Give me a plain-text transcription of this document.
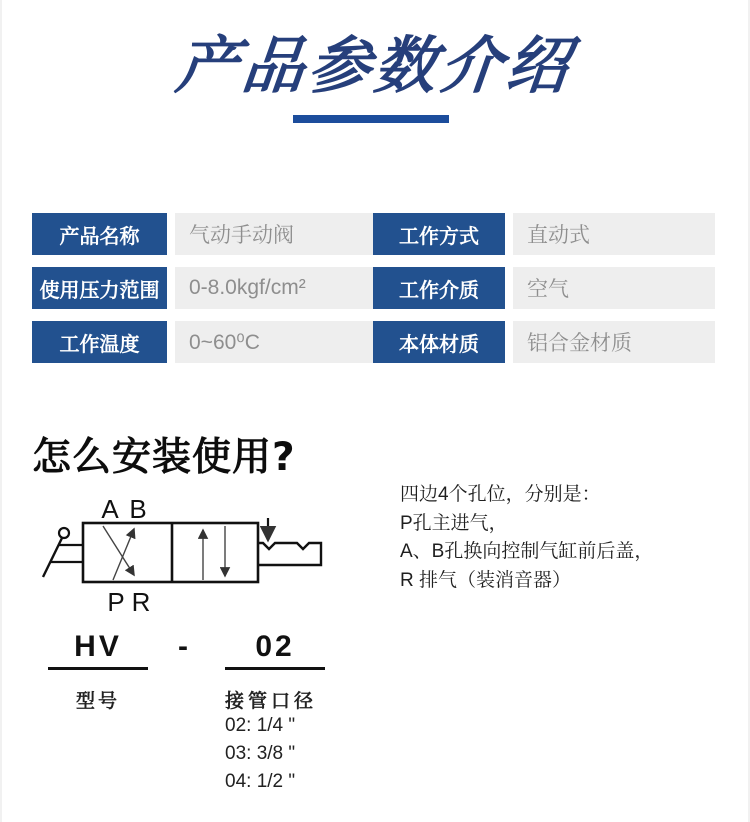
产品参数介绍
产品名称	气动手动阀	工作方式	直动式
使用压力范围	0-8.0kgf/cm²	工作介质	空气
工作温度	0~60⁰C	本体材质	铝合金材质
怎么安装使用?
A B
P R
四边4个孔位，分别是：
P孔主进气，
A、B孔换向控制气缸前后盖，
R 排气（装消音器）
HV	-	02
型号	接管口径
02: 1/4 "
03: 3/8 "
04: 1/2 "
